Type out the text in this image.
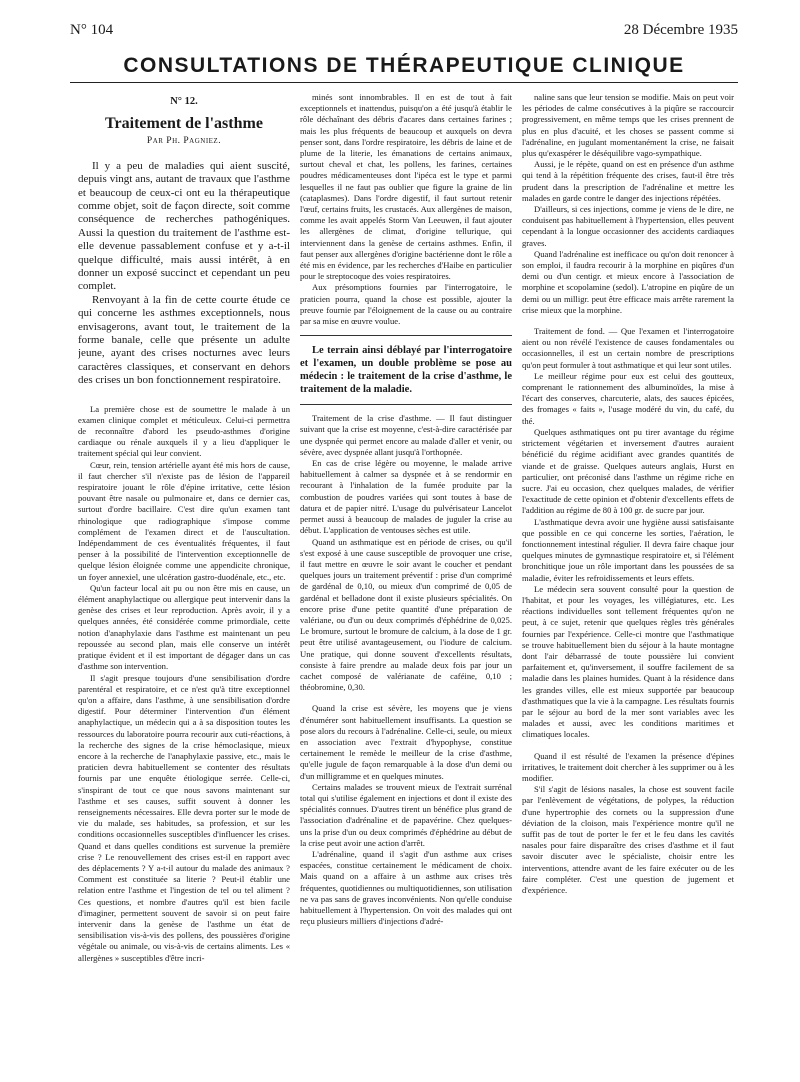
N° 104	28 Décembre 1935
CONSULTATIONS DE THÉRAPEUTIQUE CLINIQUE
N° 12.
Traitement de l'asthme
Par Ph. Pagniez.

Il y a peu de maladies qui aient suscité, depuis vingt ans, autant de travaux que l'asthme et beaucoup de ceux-ci ont eu la thérapeutique comme objet, soit de façon directe, soit comme conséquence de recherches pathogéniques. Aussi la question du traitement de l'asthme est-elle devenue passablement confuse et y a-t-il quelque difficulté, mais aussi intérêt, à en donner un exposé succinct et cependant un peu complet.

Renvoyant à la fin de cette courte étude ce qui concerne les asthmes exceptionnels, nous envisagerons, avant tout, le traitement de la forme banale, celle que présente un adulte jeune, ayant des crises nocturnes avec leurs caractères classiques, et conservant en dehors des crises un bon fonctionnement respiratoire.

La première chose est de soumettre le malade à un examen clinique complet et méticuleux. Celui-ci permettra de reconnaître d'abord les pseudo-asthmes d'origine cardiaque ou rénale auxquels il y a lieu d'appliquer le traitement spécial qui leur convient.

Cœur, rein, tension artérielle ayant été mis hors de cause, il faut chercher s'il n'existe pas de lésion de l'appareil respiratoire jouant le rôle d'épine irritative, cette lésion pouvant être nasale ou pulmonaire et, dans ce dernier cas, surtout d'ordre bacillaire. C'est dire qu'un examen tant rhinologique que radiographique s'impose comme complément de l'examen direct et de l'auscultation. Indépendamment de ces éventualités fréquentes, il faut penser à la possibilité de l'intervention exceptionnelle de quelque lésion éloignée comme une appendicite chronique, un foyer annexiel, une ulcération gastro-duodénale, etc., etc.

Qu'un facteur local ait pu ou non être mis en cause, un élément anaphylactique ou allergique peut intervenir dans la genèse des crises et leur reproduction. Après avoir, il y a quelques années, été considérée comme primordiale, cette notion d'anaphylaxie dans l'asthme est maintenant un peu repoussée au second plan, mais elle conserve un intérêt pratique évident et il est important de dégager dans un cas d'asthme son intervention.

Il s'agit presque toujours d'une sensibilisation d'ordre parentéral et respiratoire, et ce n'est qu'à titre exceptionnel qu'on a affaire, dans l'asthme, à une sensibilisation d'ordre digestif. Pour déterminer l'intervention d'un élément anaphylactique, un médecin qui a à sa disposition toutes les ressources du laboratoire pourra recourir aux cuti-réactions, à la recherche des signes de la crise hémoclasique, mieux encore à la recherche de l'anaphylaxie passive, etc., mais le praticien devra habituellement se contenter des résultats fournis par une enquête étiologique serrée. Celle-ci, s'inspirant de tout ce que nous savons maintenant sur l'asthme et ses causes, suffit souvent à donner les renseignements nécessaires. Elle devra porter sur le mode de vie du malade, ses habitudes, sa profession, et sur les conditions occasionnelles susceptibles d'influencer les crises. Quand et dans quelles conditions est survenue la première crise ? Le renouvellement des crises est-il en rapport avec des déplacements ? Y a-t-il autour du malade des animaux ? Comment est constituée sa literie ? Peut-il établir une relation entre l'asthme et l'ingestion de tel ou tel aliment ? Ces questions, et nombre d'autres qu'il est bien facile d'imaginer, permettent souvent de savoir si on peut faire intervenir dans la genèse de l'asthme un état de sensibilisation vis-à-vis des pollens, des poussières d'origine végétale ou animale, ou vis-à-vis de certains aliments. Les « allergènes » susceptibles d'être incri-

minés sont innombrables. Il en est de tout à fait exceptionnels et inattendus, puisqu'on a été jusqu'à établir le rôle déchaînant des débris d'acares dans certaines farines ; mais les plus fréquents de beaucoup et auxquels on devra penser sont, dans l'ordre respiratoire, les débris de laine et de plume de la literie, les émanations de certains animaux, surtout cheval et chat, les pollens, les farines, certaines poudres médicamenteuses dont l'ipéca est le type et parmi lesquelles il ne faut pas oublier que figure la graine de lin (cataplasmes). Dans l'ordre digestif, il faut surtout retenir l'œuf, certains fruits, les crustacés. Aux allergènes de maison, comme les avait appelés Storm Van Leeuwen, il faut ajouter les allergènes de climat, d'origine tellurique, qui interviennent dans la genèse de certains asthmes. Enfin, il faut penser aux allergènes d'origine bactérienne dont le rôle a été mis en évidence, par les recherches d'Haibe en particulier pour le streptocoque des voies respiratoires.

Aux présomptions fournies par l'interrogatoire, le praticien pourra, quand la chose est possible, ajouter la preuve fournie par l'éloignement de la cause ou au contraire par sa mise en œuvre voulue.

Le terrain ainsi déblayé par l'interrogatoire et l'examen, un double problème se pose au médecin : le traitement de la crise d'asthme, le traitement de la maladie.

Traitement de la crise d'asthme. — Il faut distinguer suivant que la crise est moyenne, c'est-à-dire caractérisée par une dyspnée qui permet encore au malade d'aller et venir, ou sévère, avec dyspnée allant jusqu'à l'orthopnée.

En cas de crise légère ou moyenne, le malade arrive habituellement à calmer sa dyspnée et à se rendormir en recourant à l'inhalation de la fumée produite par la combustion de poudres variées qui sont toutes à base de datura et de papier nitré. L'usage du pulvérisateur Lancelot permet aussi à beaucoup de malades de juguler la crise au début. L'application de ventouses sèches est utile.

Quand un asthmatique est en période de crises, ou qu'il s'est exposé à une cause susceptible de provoquer une crise, il faut mettre en œuvre le soir avant le coucher et pendant quelques jours un traitement préventif : prise d'un comprimé de gardénal de 0,10, ou mieux d'un comprimé de 0,05 de gardénal et belladone dont il existe plusieurs spécialités. On encore prise d'une petite quantité d'une préparation de valériane, ou d'un ou deux comprimés d'éphédrine de 0,025. Le bromure, surtout le bromure de calcium, à la dose de 1 gr. peut être utilisé avantageusement, ou l'iodure de calcium. Une pratique, qui donne souvent d'excellents résultats, consiste à faire prendre au malade deux fois par jour un cachet composé de valérianate de caféine, 0,10 ; théobromine, 0,30.

Quand la crise est sévère, les moyens que je viens d'énumérer sont habituellement insuffisants. La question se pose alors du recours à l'adrénaline. Celle-ci, seule, ou mieux en association avec l'extrait d'hypophyse, constitue certainement le remède le meilleur de la crise d'asthme, qu'elle jugule de façon remarquable à la dose d'un demi ou d'un milligramme et en quelques minutes.

Certains malades se trouvent mieux de l'extrait surrénal total qui s'utilise également en injections et dont il existe des spécialités connues. D'autres tirent un bénéfice plus grand de l'association d'adrénaline et de papavérine. Chez quelques-uns la prise d'un ou deux comprimés d'éphédrine au début de la crise peut avoir une action d'arrêt.

L'adrénaline, quand il s'agit d'un asthme aux crises espacées, constitue certainement le médicament de choix. Mais quand on a affaire à un asthme aux crises très fréquentes, quotidiennes ou multiquotidiennes, son utilisation ne va pas sans de graves inconvénients. Non qu'elle conduise habituellement à l'hypertension. On voit des malades qui ont reçu plusieurs milliers d'injections d'adré-

naline sans que leur tension se modifie. Mais on peut voir les périodes de calme consécutives à la piqûre se raccourcir progressivement, en même temps que les crises prennent de plus en plus d'acuité, et les choses se passent comme si l'adrénaline, en jugulant momentanément la crise, ne faisait plus qu'exaspérer le déséquilibre vago-sympathique.

Aussi, je le répète, quand on est en présence d'un asthme qui tend à la répétition fréquente des crises, faut-il être très prudent dans la prescription de l'adrénaline et mettre les malades en garde contre le danger des injections répétées.

D'ailleurs, si ces injections, comme je viens de le dire, ne conduisent pas habituellement à l'hypertension, elles peuvent cependant à la longue occasionner des accidents cardiaques graves.

Quand l'adrénaline est inefficace ou qu'on doit renoncer à son emploi, il faudra recourir à la morphine en piqûres d'un demi ou d'un centigr. et mieux encore à l'association de morphine et scopolamine (sedol). L'atropine en piqûre de un demi ou un milligr. peut être efficace mais arrête rarement la crise mieux que la morphine.

Traitement de fond. — Que l'examen et l'interrogatoire aient ou non révélé l'existence de causes fondamentales ou occasionnelles, il est un certain nombre de prescriptions qu'on peut formuler à tout asthmatique et qui leur sont utiles.

Le meilleur régime pour eux est celui des goutteux, comprenant le rationnement des albuminoïdes, la mise à l'écart des conserves, charcuterie, alats, des sauces épicées, des fromages « faits », l'usage modéré du vin, du café, du thé.

Quelques asthmatiques ont pu tirer avantage du régime strictement végétarien et inversement d'autres auraient bénéficié du régime acidifiant avec grandes quantités de viande et de graisse. Quelques auteurs anglais, Hurst en particulier, ont préconisé dans l'asthme un régime riche en sucre. J'ai eu occasion, chez quelques malades, de vérifier l'exactitude de cette opinion et d'obtenir d'excellents effets de l'addition au régime de 80 à 100 gr. de sucre par jour.

L'asthmatique devra avoir une hygiène aussi satisfaisante que possible en ce qui concerne les sorties, l'aération, le fonctionnement intestinal régulier. Il devra faire chaque jour quelques minutes de gymnastique respiratoire et, si l'élément bronchitique joue un rôle important dans les poussées de sa maladie, éviter les refroidissements et leurs effets.

Le médecin sera souvent consulté pour la question de l'habitat, et pour les voyages, les villégiatures, etc. Les réactions individuelles sont tellement fréquentes qu'on ne peut, à ce sujet, retenir que quelques règles très générales fournies par l'expérience. Celle-ci montre que l'asthmatique se trouve habituellement bien du séjour à la haute montagne dont l'air débarrassé de toute poussière lui convient parfaitement et, qu'inversement, il souffre facilement de sa maladie dans les plaines humides. Quant à la résidence dans les grandes villes, elle est mieux supportée par beaucoup d'asthmatiques que la vie à la campagne. Les résultats fournis par le séjour au bord de la mer sont variables avec les malades et aussi, avec les conditions maritimes et climatiques locales.

Quand il est résulté de l'examen la présence d'épines irritatives, le traitement doit chercher à les supprimer ou à les modifier.

S'il s'agit de lésions nasales, la chose est souvent facile par l'enlèvement de végétations, de polypes, la réduction d'une hypertrophie des cornets ou la suppression d'une déviation de la cloison, mais l'expérience montre qu'il ne suffit pas de tout de porter le fer et le feu dans les cavités nasales pour faire disparaître des crises d'asthme et il faut savoir discuter avec le spécialiste, choisir entre les interventions, attendre avant de les faire exécuter ou de les faire compléter. C'est une question de jugement et d'expérience.
